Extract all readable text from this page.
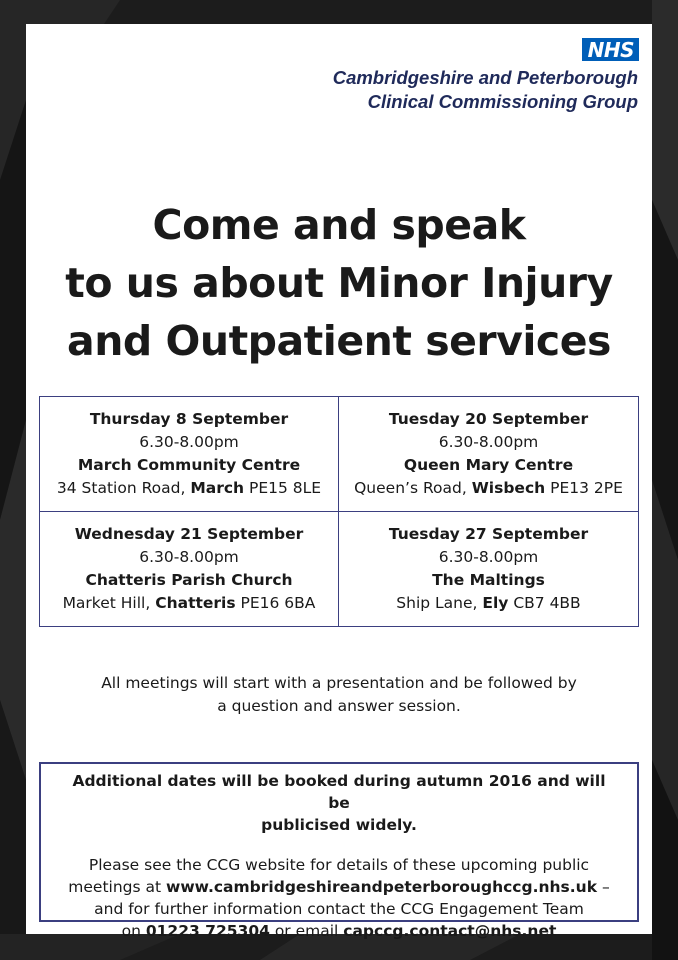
NHS
Cambridgeshire and Peterborough
Clinical Commissioning Group
Come and speak
to us about Minor Injury
and Outpatient services
Thursday 8 September
6.30-8.00pm
March Community Centre
34 Station Road, March PE15 8LE
Tuesday 20 September
6.30-8.00pm
Queen Mary Centre
Queen’s Road, Wisbech PE13 2PE
Wednesday 21 September
6.30-8.00pm
Chatteris Parish Church
Market Hill, Chatteris PE16 6BA
Tuesday 27 September
6.30-8.00pm
The Maltings
Ship Lane, Ely CB7 4BB
All meetings will start with a presentation and be followed by
a question and answer session.
Additional dates will be booked during autumn 2016 and will be
publicised widely.
Please see the CCG website for details of these upcoming public
meetings at www.cambridgeshireandpeterboroughccg.nhs.uk –
and for further information contact the CCG Engagement Team
on 01223 725304 or email capccg.contact@nhs.net
